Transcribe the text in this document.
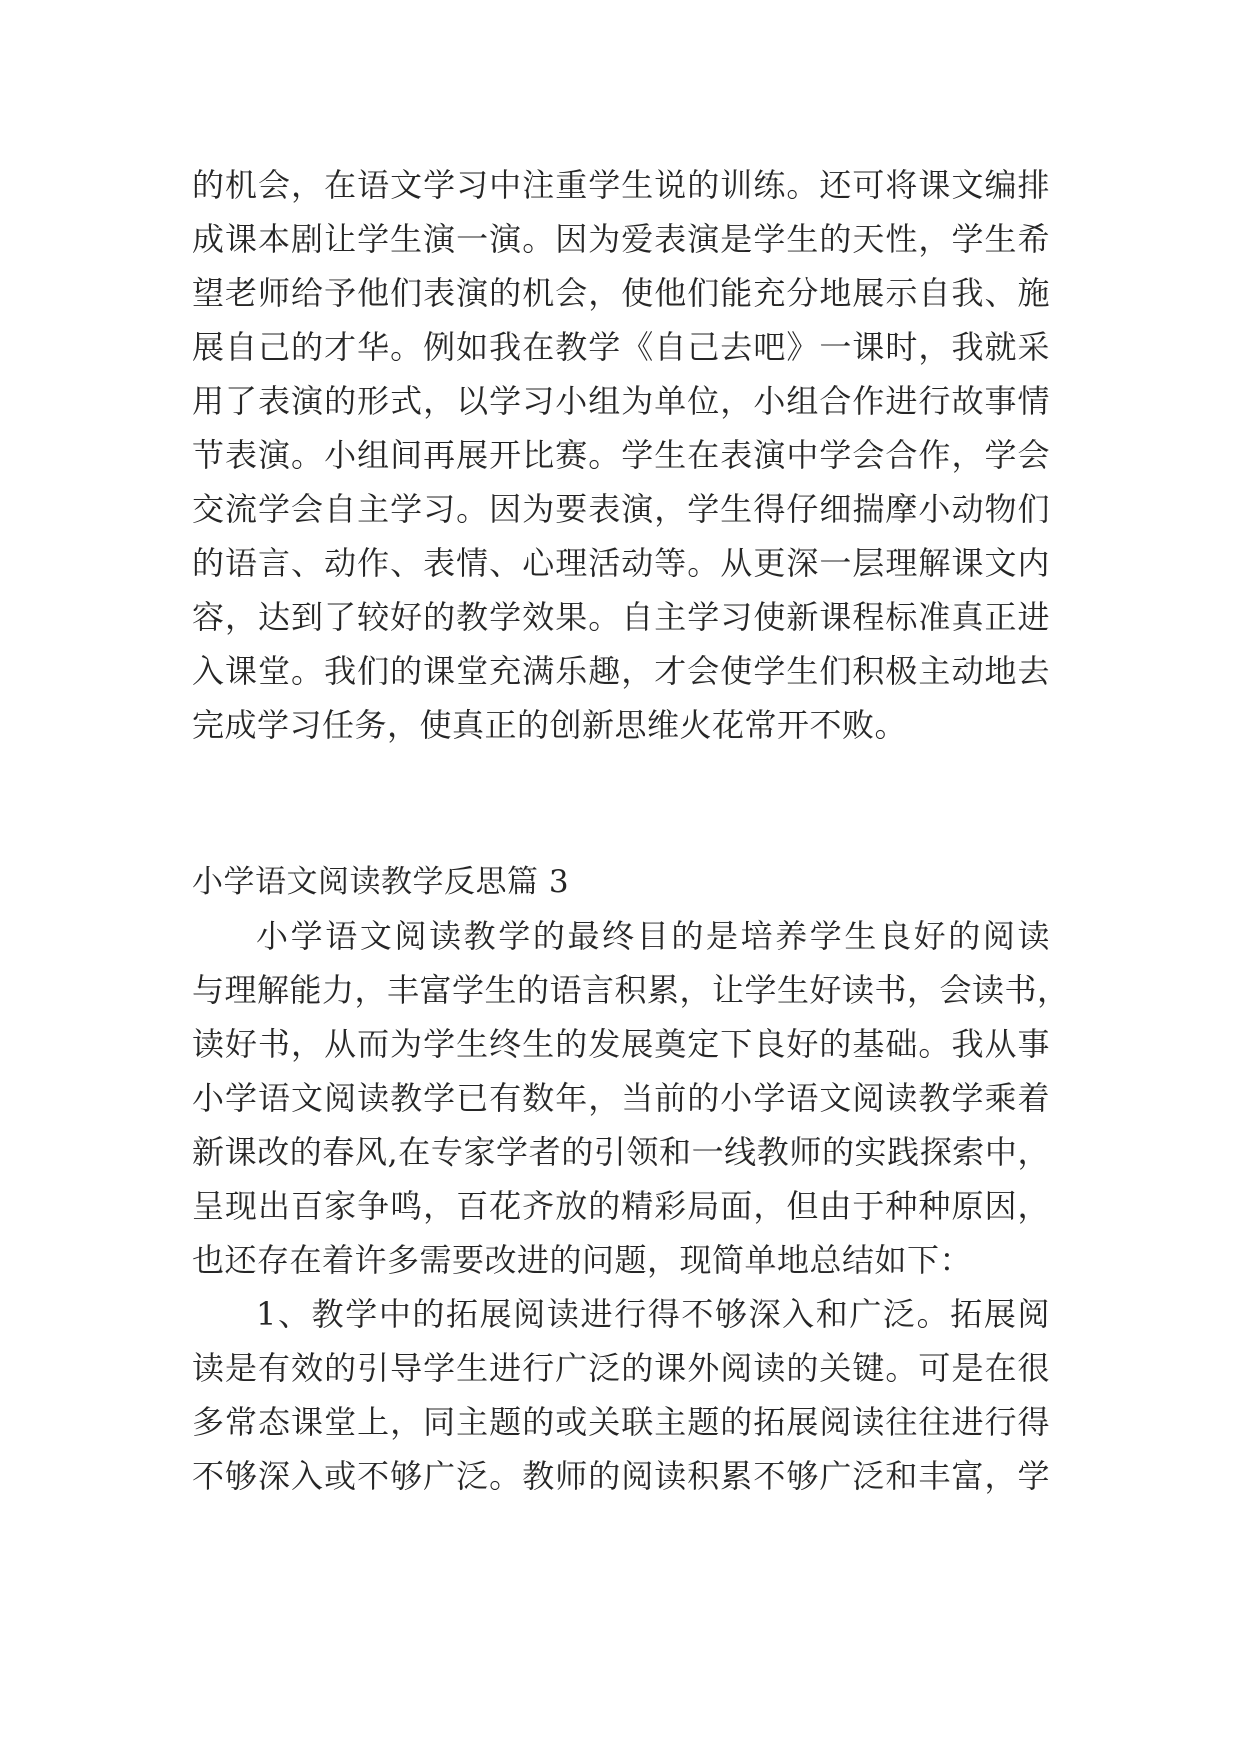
的机会，在语文学习中注重学生说的训练。还可将课文编排
成课本剧让学生演一演。因为爱表演是学生的天性，学生希
望老师给予他们表演的机会，使他们能充分地展示自我、施
展自己的才华。例如我在教学《自己去吧》一课时，我就采
用了表演的形式，以学习小组为单位，小组合作进行故事情
节表演。小组间再展开比赛。学生在表演中学会合作，学会
交流学会自主学习。因为要表演，学生得仔细揣摩小动物们
的语言、动作、表情、心理活动等。从更深一层理解课文内
容，达到了较好的教学效果。自主学习使新课程标准真正进
入课堂。我们的课堂充满乐趣，才会使学生们积极主动地去
完成学习任务，使真正的创新思维火花常开不败。
小学语文阅读教学反思篇 3
小学语文阅读教学的最终目的是培养学生良好的阅读
与理解能力，丰富学生的语言积累，让学生好读书，会读书，
读好书，从而为学生终生的发展奠定下良好的基础。我从事
小学语文阅读教学已有数年，当前的小学语文阅读教学乘着
新课改的春风,在专家学者的引领和一线教师的实践探索中，
呈现出百家争鸣，百花齐放的精彩局面，但由于种种原因，
也还存在着许多需要改进的问题，现简单地总结如下：
1、教学中的拓展阅读进行得不够深入和广泛。拓展阅
读是有效的引导学生进行广泛的课外阅读的关键。可是在很
多常态课堂上，同主题的或关联主题的拓展阅读往往进行得
不够深入或不够广泛。教师的阅读积累不够广泛和丰富，学
